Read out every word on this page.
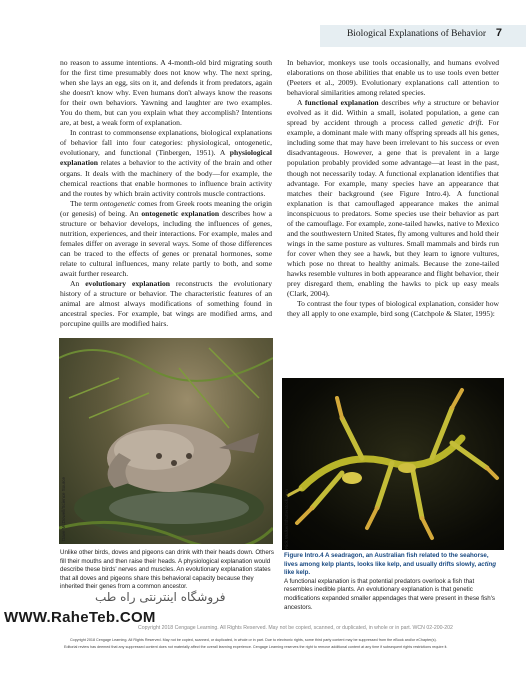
Biological Explanations of Behavior 7

no reason to assume intentions. A 4-month-old bird migrating south for the first time presumably does not know why. The next spring, when she lays an egg, sits on it, and defends it from predators, again she doesn't know why. Even humans don't always know the reasons for their own behaviors. Yawning and laughter are two examples. You do them, but can you explain what they accomplish? Intentions are, at best, a weak form of explanation.

In contrast to commonsense explanations, biological explanations of behavior fall into four categories: physiological, ontogenetic, evolutionary, and functional (Tinbergen, 1951). A physiological explanation relates a behavior to the activity of the brain and other organs. It deals with the machinery of the body—for example, the chemical reactions that enable hormones to influence brain activity and the routes by which brain activity controls muscle contractions.

The term ontogenetic comes from Greek roots meaning the origin (or genesis) of being. An ontogenetic explanation describes how a structure or behavior develops, including the influences of genes, nutrition, experiences, and their interactions. For example, males and females differ on average in several ways. Some of those differences can be traced to the effects of genes or prenatal hormones, some relate to cultural influences, many relate partly to both, and some await further research.

An evolutionary explanation reconstructs the evolutionary history of a structure or behavior. The characteristic features of an animal are almost always modifications of something found in ancestral species. For example, bat wings are modified arms, and porcupine quills are modified hairs.

In behavior, monkeys use tools occasionally, and humans evolved elaborations on those abilities that enable us to use tools even better (Peeters et al., 2009). Evolutionary explanations call attention to behavioral similarities among related species.

A functional explanation describes why a structure or behavior evolved as it did. Within a small, isolated population, a gene can spread by accident through a process called genetic drift. For example, a dominant male with many offspring spreads all his genes, including some that may have been irrelevant to his success or even disadvantageous. However, a gene that is prevalent in a large population probably provided some advantage—at least in the past, though not necessarily today. A functional explanation identifies that advantage. For example, many species have an appearance that matches their background (see Figure Intro.4). A functional explanation is that camouflaged appearance makes the animal inconspicuous to predators. Some species use their behavior as part of the camouflage. For example, zone-tailed hawks, native to Mexico and the southwestern United States, fly among vultures and hold their wings in the same posture as vultures. Small mammals and birds run for cover when they see a hawk, but they learn to ignore vultures, which pose no threat to healthy animals. Because the zone-tailed hawks resemble vultures in both appearance and flight behavior, their prey disregard them, enabling the hawks to pick up easy meals (Clark, 2004).

To contrast the four types of biological explanation, consider how they all apply to one example, bird song (Catchpole & Slater, 1995):

Dave McDowell/Science Source	Rick Walker/Shutterstock.com
Unlike other birds, doves and pigeons can drink with their heads down. Others fill their mouths and then raise their heads. A physiological explanation would describe these birds' nerves and muscles. An evolutionary explanation states that all doves and pigeons share this behavioral capacity because they inherited their genes from a common ancestor.
Figure Intro.4 A seadragon, an Australian fish related to the seahorse, lives among kelp plants, looks like kelp, and usually drifts slowly, acting like kelp.
A functional explanation is that potential predators overlook a fish that resembles inedible plants. An evolutionary explanation is that genetic modifications expanded smaller appendages that were present in these fish's ancestors.
فروشگاه اینترنتی راه طب
WWW.RaheTeb.COM
Copyright 2018 Cengage Learning. All Rights Reserved. May not be copied, scanned, or duplicated, in whole or in part. WCN 02-200-202
Copyright 2018 Cengage Learning. All Rights Reserved. May not be copied, scanned, or duplicated, in whole or in part. Due to electronic rights, some third party content may be suppressed from the eBook and/or eChapter(s).
Editorial review has deemed that any suppressed content does not materially affect the overall learning experience. Cengage Learning reserves the right to remove additional content at any time if subsequent rights restrictions require it.
